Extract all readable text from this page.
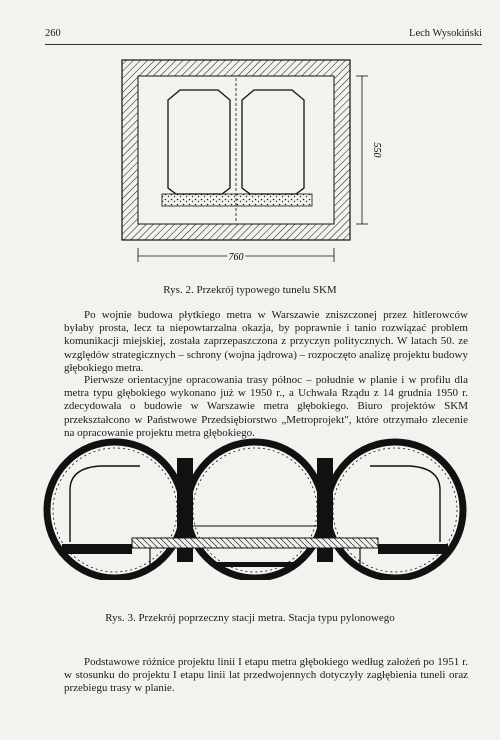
260	Lech Wysokiński
550
760
Rys. 2. Przekrój typowego tunelu SKM
Po wojnie budowa płytkiego metra w Warszawie zniszczonej przez hitlerowców byłaby prosta, lecz ta niepowtarzalna okazja, by poprawnie i tanio rozwiązać problem komunikacji miejskiej, została zaprzepaszczona z przyczyn politycznych. W latach 50. ze względów strategicznych – schrony (wojna jądrowa) – rozpoczęto analizę projektu budowy głębokiego metra.
Pierwsze orientacyjne opracowania trasy północ – południe w planie i w profilu dla metra typu głębokiego wykonano już w 1950 r., a Uchwała Rządu z 14 grudnia 1950 r. zdecydowała o budowie w Warszawie metra głębokiego. Biuro projektów SKM przekształcono w Państwowe Przedsiębiorstwo „Metroprojekt", które otrzymało zlecenie na opracowanie projektu metra głębokiego.
Rys. 3. Przekrój poprzeczny stacji metra. Stacja typu pylonowego
Podstawowe różnice projektu linii I etapu metra głębokiego według założeń po 1951 r. w stosunku do projektu I etapu linii lat przedwojennych dotyczyły zagłębienia tuneli oraz przebiegu trasy w planie.
